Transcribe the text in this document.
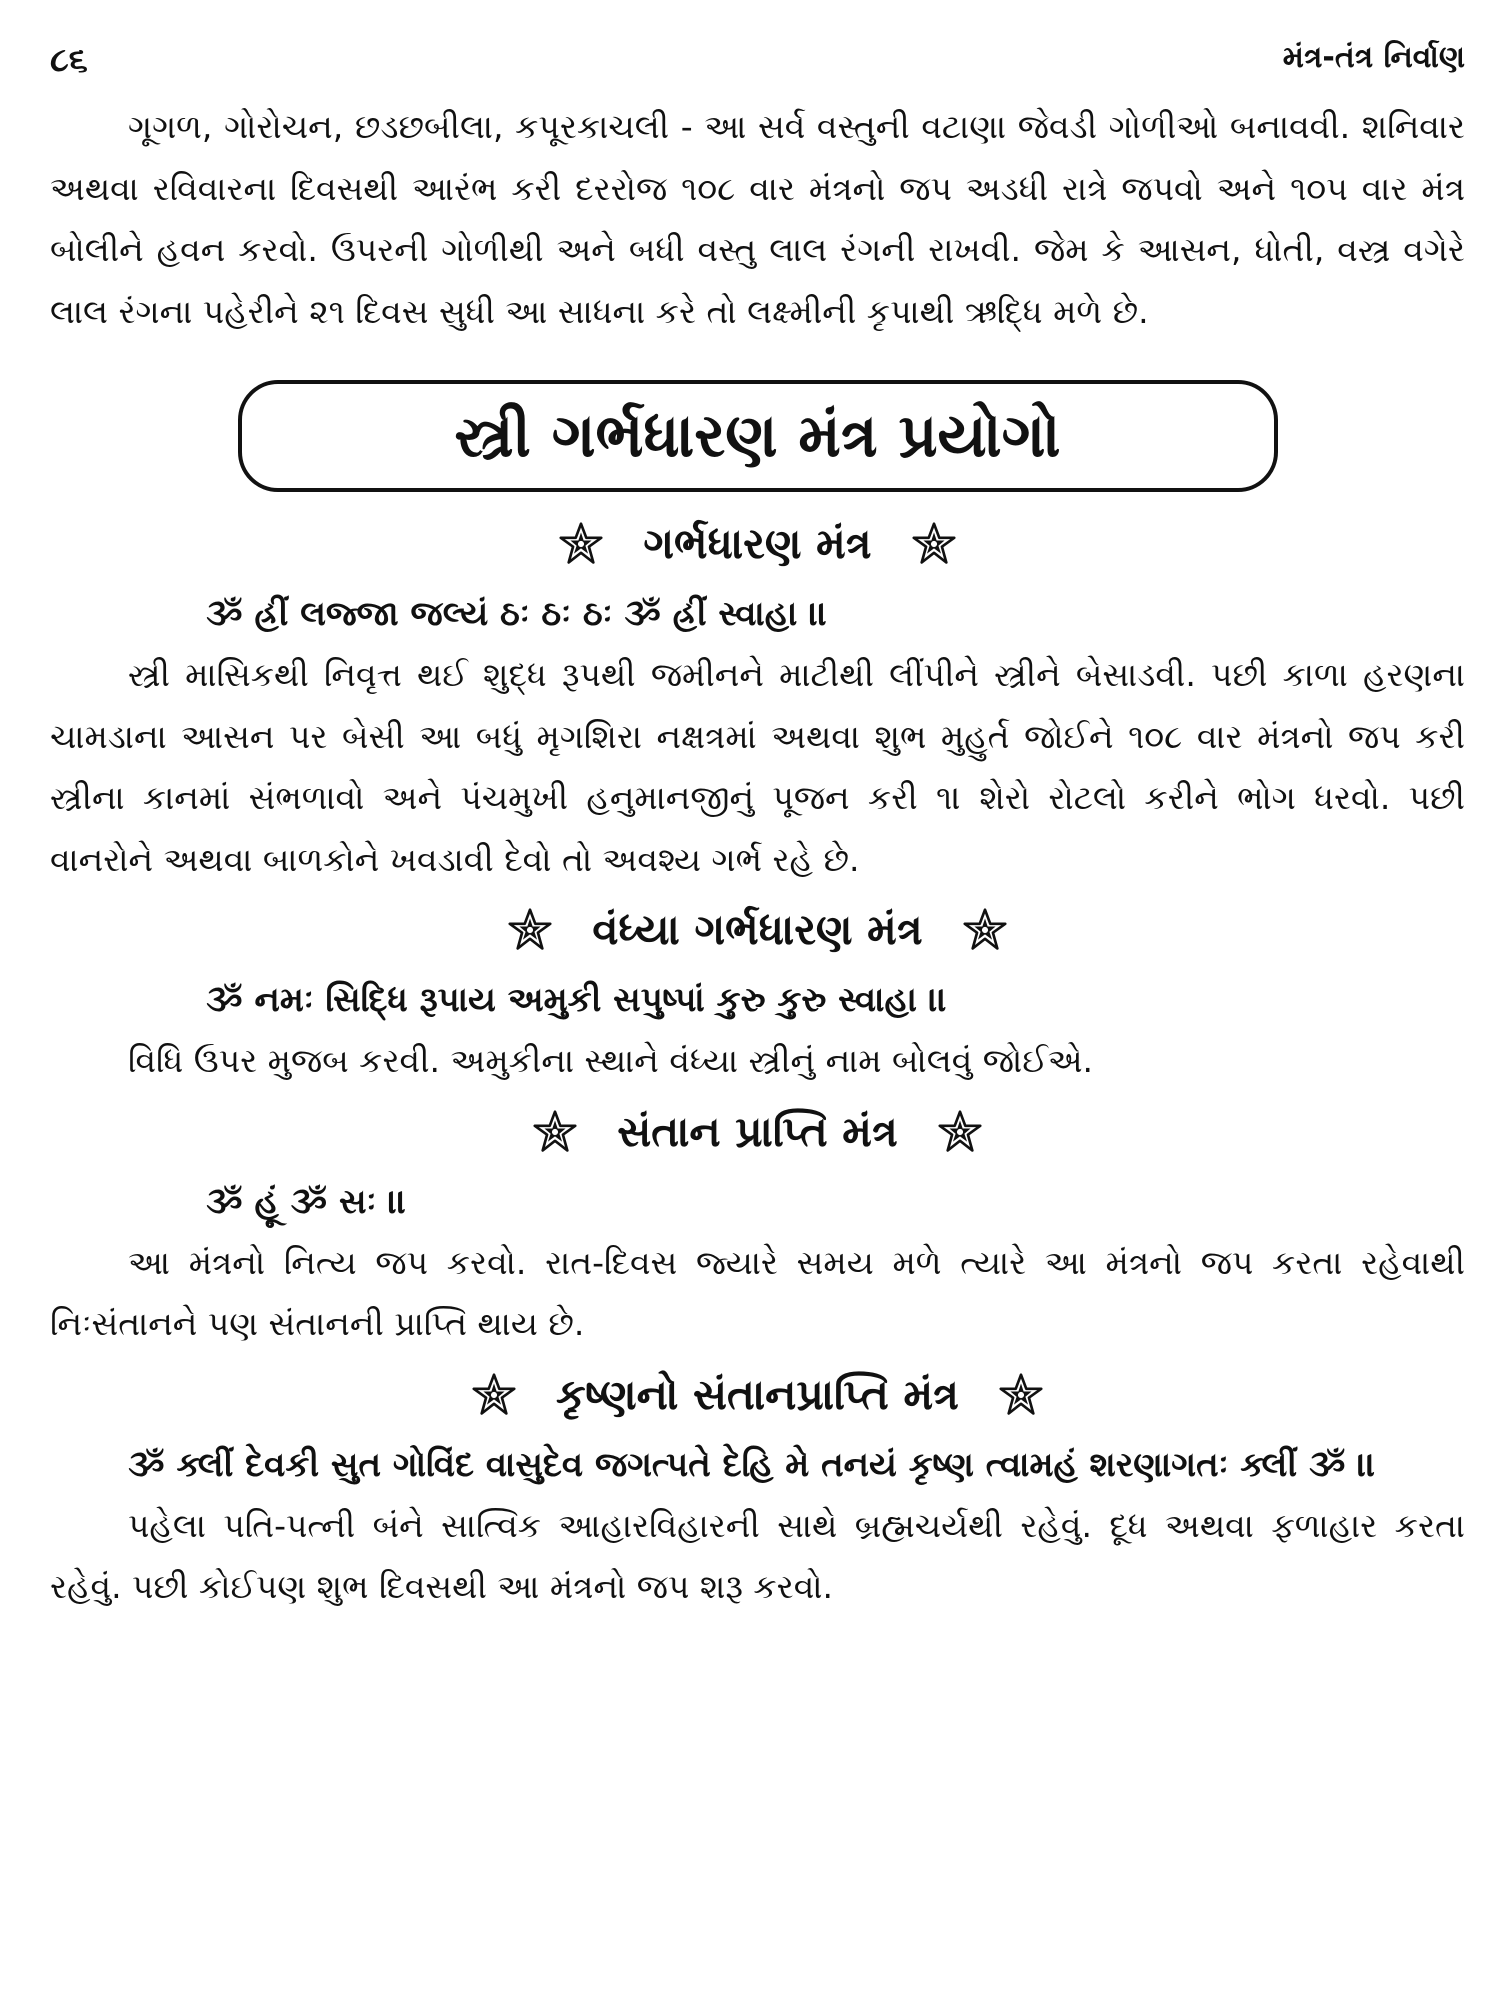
૮૬	મંત્ર-તંત્ર નિર્વાણ

ગૂગળ, ગોરોચન, છડછબીલા, કપૂરકાચલી - આ સર્વ વસ્તુની વટાણા જેવડી ગોળીઓ બનાવવી. શનિવાર અથવા રવિવારના દિવસથી આરંભ કરી દરરોજ ૧૦૮ વાર મંત્રનો જપ અડધી રાત્રે જપવો અને ૧૦૫ વાર મંત્ર બોલીને હવન કરવો. ઉપરની ગોળીથી અને બધી વસ્તુ લાલ રંગની રાખવી. જેમ કે આસન, ધોતી, વસ્ત્ર વગેરે લાલ રંગના પહેરીને ૨૧ દિવસ સુધી આ સાધના કરે તો લક્ષ્મીની કૃપાથી ઋદ્ધિ મળે છે.

સ્ત્રી ગર્ભધારણ મંત્ર પ્રયોગો
ગર્ભધારણ મંત્ર

ૐ હ્રીં લજ્જા જલ્યં ઠઃ ઠઃ ઠઃ ૐ હ્રીં સ્વાહા ।।

સ્ત્રી માસિકથી નિવૃત્ત થઈ શુદ્ધ રૂપથી જમીનને માટીથી લીંપીને સ્ત્રીને બેસાડવી. પછી કાળા હરણના ચામડાના આસન પર બેસી આ બધું મૃગશિરા નક્ષત્રમાં અથવા શુભ મુહુર્ત જોઈને ૧૦૮ વાર મંત્રનો જપ કરી સ્ત્રીના કાનમાં સંભળાવો અને પંચમુખી હનુમાનજીનું પૂજન કરી ૧। શેરો રોટલો કરીને ભોગ ધરવો. પછી વાનરોને અથવા બાળકોને ખવડાવી દેવો તો અવશ્ય ગર્ભ રહે છે.

વંધ્યા ગર્ભધારણ મંત્ર

ૐ નમઃ સિદ્ધિ રૂપાય અમુકી સપુષ્પાં કુરુ કુરુ સ્વાહા ।।

વિધિ ઉપર મુજબ કરવી. અમુકીના સ્થાને વંધ્યા સ્ત્રીનું નામ બોલવું જોઈએ.

સંતાન પ્રાપ્તિ મંત્ર

ૐ હૂં ૐ સઃ ।।

આ મંત્રનો નિત્ય જપ કરવો. રાત-દિવસ જ્યારે સમય મળે ત્યારે આ મંત્રનો જપ કરતા રહેવાથી નિઃસંતાનને પણ સંતાનની પ્રાપ્તિ થાય છે.

કૃષ્ણનો સંતાનપ્રાપ્તિ મંત્ર

ૐ ક્લીં દેવકી સુત ગોવિંદ વાસુદેવ જગત્પતે દેહિ મે તનયં કૃષ્ણ ત્વામહં શરણાગતઃ ક્લીં ૐ ।।

પહેલા પતિ-પત્ની બંને સાત્વિક આહારવિહારની સાથે બ્રહ્મચર્યથી રહેવું. દૂધ અથવા ફળાહાર કરતા રહેવું. પછી કોઈપણ શુભ દિવસથી આ મંત્રનો જપ શરૂ કરવો.
